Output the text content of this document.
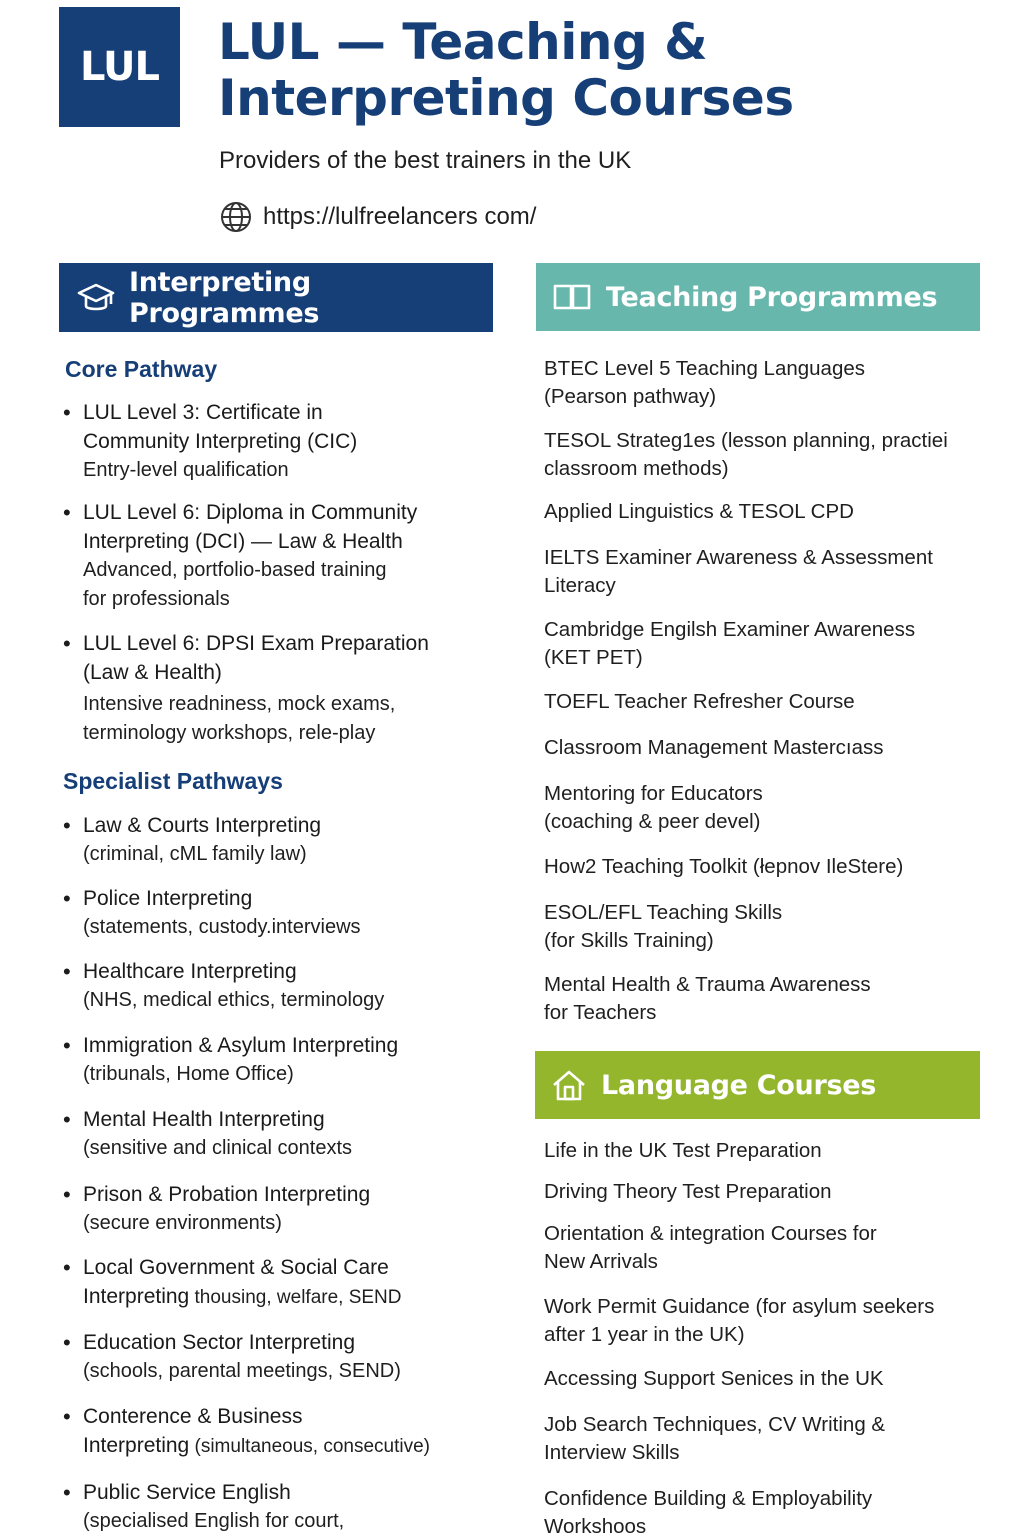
LUL LUL — Teaching &
Interpreting Courses
Providers of the best trainers in the UK
https://lulfreelancers com/
Interpreting Programmes
Teaching Programmes
Language Courses
Core Pathway
• LUL Level 3: Certificate in
Community Interpreting (CIC)
Entry-level qualification
• LUL Level 6: Diploma in Community
Interpreting (DCI) — Law & Health
Advanced, portfolio-based training
for professionals
• LUL Level 6: DPSI Exam Preparation
(Law & Health)
Intensive readniness, mock exams,
terminology workshops, rele-play
Specialist Pathways
• Law & Courts Interpreting
(criminal, cML family law)
• Police Interpreting
(statements, custody.interviews
• Healthcare Interpreting
(NHS, medical ethics, terminology
• Immigration & Asylum Interpreting
(tribunals, Home Office)
• Mental Health Interpreting
(sensitive and clinical contexts
• Prison & Probation Interpreting
(secure environments)
• Local Government & Social Care
Interpreting thousing, welfare, SEND
• Education Sector Interpreting
(schools, parental meetings, SEND)
• Conterence & Business
Interpreting (simultaneous, consecutive)
• Public Service English
(specialised English for court,
BTEC Level 5 Teaching Languages
(Pearson pathway)
TESOL Strateg1es (lesson planning, practiei
classroom methods)
Applied Linguistics & TESOL CPD
IELTS Examiner Awareness & Assessment
Literacy
Cambridge Engilsh Examiner Awareness
(KET PET)
TOEFL Teacher Refresher Course
Classroom Management Mastercıass
Mentoring for Educators
(coaching & peer devel)
How2 Teaching Toolkit (łepnov IleStere)
ESOL/EFL Teaching Skills
(for Skills Training)
Mental Health & Trauma Awareness
for Teachers
Life in the UK Test Preparation
Driving Theory Test Preparation
Orientation & integration Courses for
New Arrivals
Work Permit Guidance (for asylum seekers
after 1 year in the UK)
Accessing Support Senices in the UK
Job Search Techniques, CV Writing &
Interview Skills
Confidence Building & Employability
Workshoos
